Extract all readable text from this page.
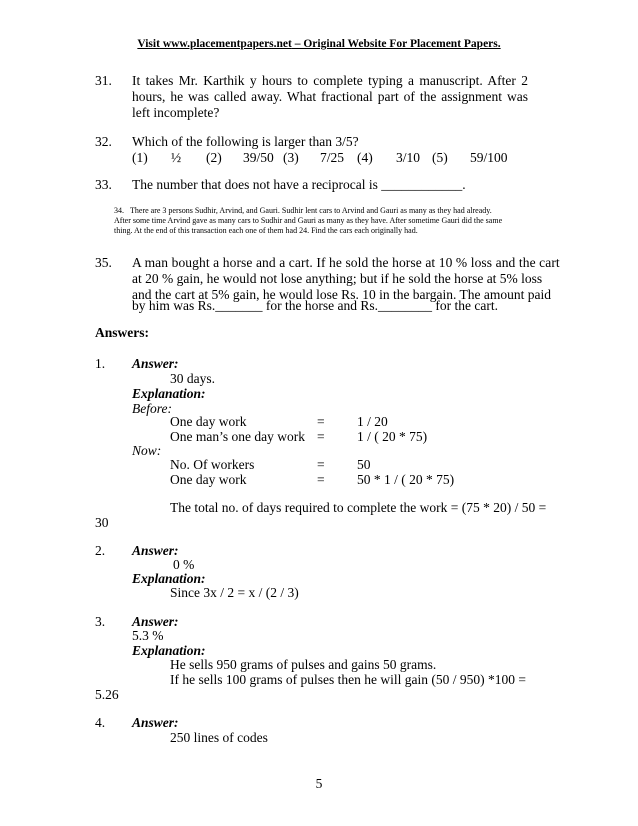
Visit www.placementpapers.net – Original Website For Placement Papers.
31. It takes Mr. Karthik y hours to complete typing a manuscript. After 2 hours, he was called away. What fractional part of the assignment was left incomplete?
32. Which of the following is larger than 3/5?
(1) ½ (2) 39/50 (3) 7/25 (4) 3/10 (5) 59/100
33. The number that does not have a reciprocal is ____________.
34. There are 3 persons Sudhir, Arvind, and Gauri. Sudhir lent cars to Arvind and Gauri as many as they had already.
After some time Arvind gave as many cars to Sudhir and Gauri as many as they have. After sometime Gauri did the same
thing. At the end of this transaction each one of them had 24. Find the cars each originally had.
35. A man bought a horse and a cart. If he sold the horse at 10 % loss and the cart
at 20 % gain, he would not lose anything; but if he sold the horse at 5% loss
and the cart at 5% gain, he would lose Rs. 10 in the bargain. The amount paid
by him was Rs._______ for the horse and Rs.________ for the cart.
Answers:
1. Answer:
30 days.
Explanation:
Before:
One day work	= 1 / 20
One man’s one day work = 1 / ( 20 * 75)
Now:
No. Of workers	= 50
One day work	= 50 * 1 / ( 20 * 75)
The total no. of days required to complete the work = (75 * 20) / 50 =
30
2. Answer:
0 %
Explanation:
Since 3x / 2 = x / (2 / 3)
3. Answer:
5.3 %
Explanation:
He sells 950 grams of pulses and gains 50 grams.
If he sells 100 grams of pulses then he will gain (50 / 950) *100 =
5.26
4. Answer:
250 lines of codes
5
